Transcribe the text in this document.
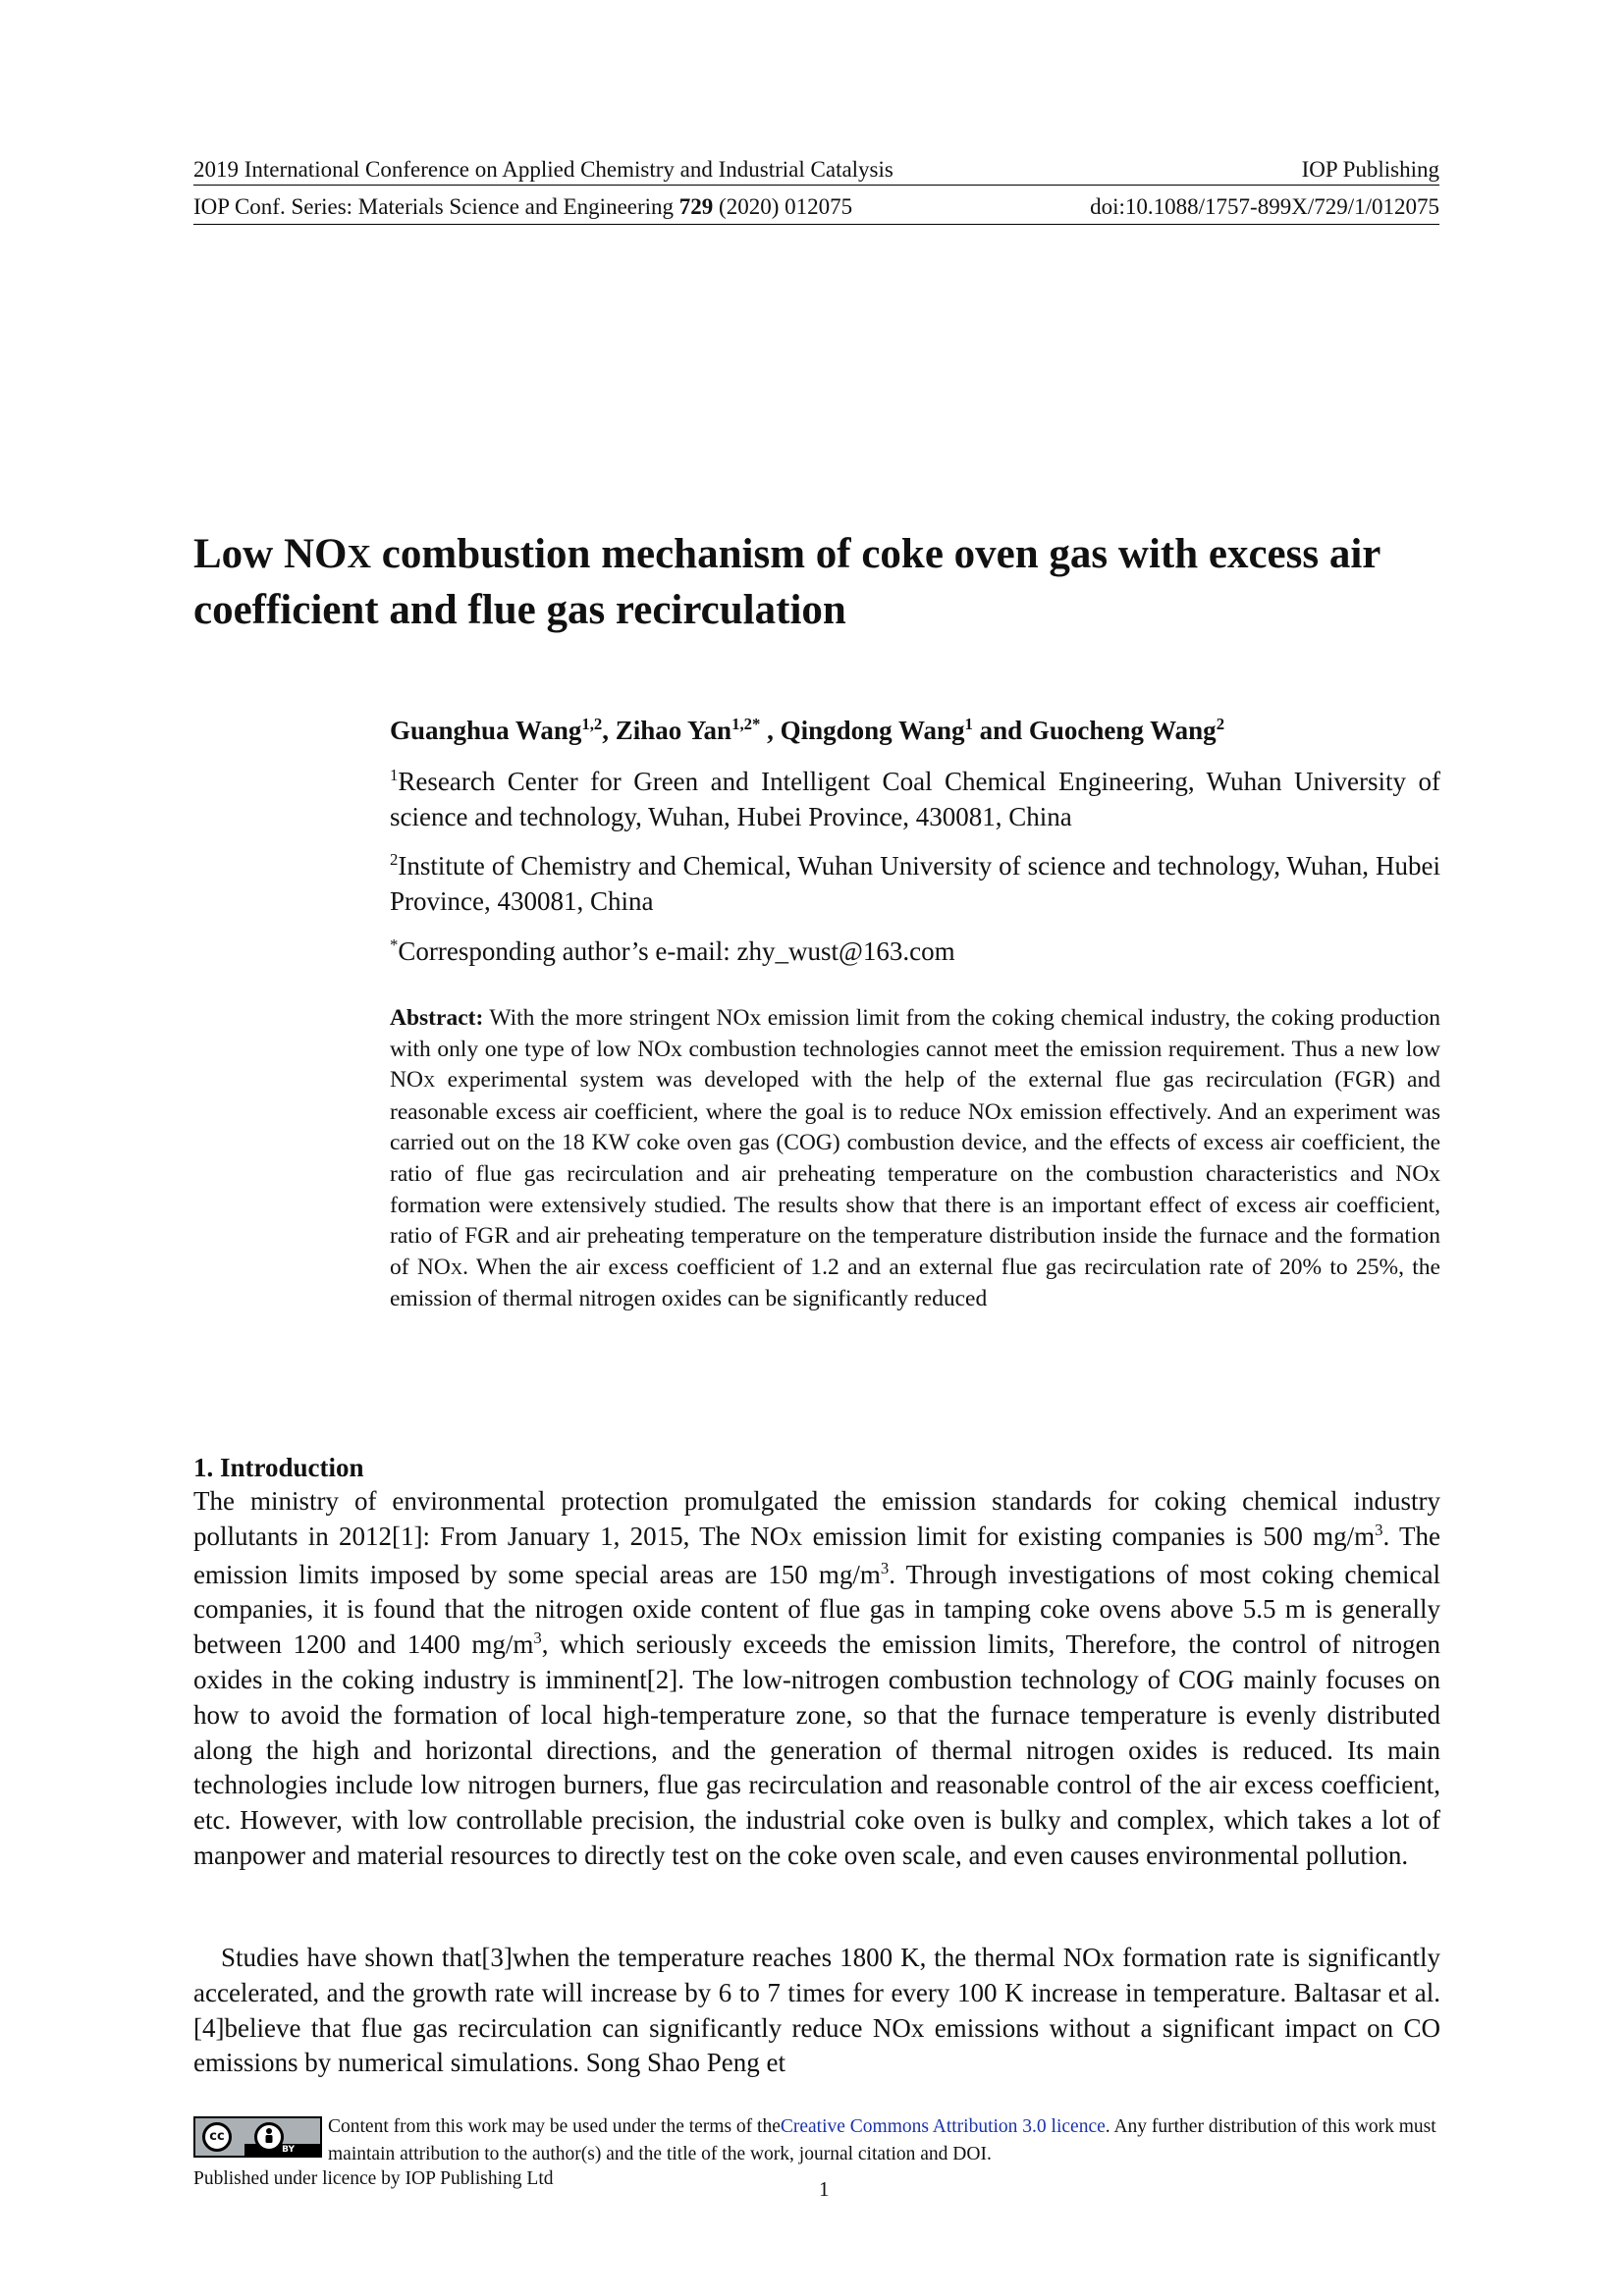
2019 International Conference on Applied Chemistry and Industrial Catalysis	IOP Publishing
IOP Conf. Series: Materials Science and Engineering 729 (2020) 012075	doi:10.1088/1757-899X/729/1/012075
Low NOX combustion mechanism of coke oven gas with excess air coefficient and flue gas recirculation

Guanghua Wang$^{1,2}$, Zihao Yan$^{1,2*}$ , Qingdong Wang$^1$ and Guocheng Wang$^2$

$^1$Research Center for Green and Intelligent Coal Chemical Engineering, Wuhan University of science and technology, Wuhan, Hubei Province, 430081, China

$^2$Institute of Chemistry and Chemical, Wuhan University of science and technology, Wuhan, Hubei Province, 430081, China

*Corresponding author’s e-mail: zhy_wust@163.com

Abstract: With the more stringent NOx emission limit from the coking chemical industry, the coking production with only one type of low NOx combustion technologies cannot meet the emission requirement. Thus a new low NOX experimental system was developed with the help of the external flue gas recirculation (FGR) and reasonable excess air coefficient, where the goal is to reduce NOx emission effectively. And an experiment was carried out on the 18 KW coke oven gas (COG) combustion device, and the effects of excess air coefficient, the ratio of flue gas recirculation and air preheating temperature on the combustion characteristics and NOx formation were extensively studied. The results show that there is an important effect of excess air coefficient, ratio of FGR and air preheating temperature on the temperature distribution inside the furnace and the formation of NOX. When the air excess coefficient of 1.2 and an external flue gas recirculation rate of 20% to 25%, the emission of thermal nitrogen oxides can be significantly reduced

1. Introduction

The ministry of environmental protection promulgated the emission standards for coking chemical industry pollutants in 2012[1]: From January 1, 2015, The NOX emission limit for existing companies is 500 $mg/m^3$. The emission limits imposed by some special areas are 150 $mg/m^3$. Through investigations of most coking chemical companies, it is found that the nitrogen oxide content of flue gas in tamping coke ovens above 5.5 m is generally between 1200 and 1400 $mg/m^3$, which seriously exceeds the emission limits, Therefore, the control of nitrogen oxides in the coking industry is imminent[2]. The low-nitrogen combustion technology of COG mainly focuses on how to avoid the formation of local high-temperature zone, so that the furnace temperature is evenly distributed along the high and horizontal directions, and the generation of thermal nitrogen oxides is reduced. Its main technologies include low nitrogen burners, flue gas recirculation and reasonable control of the air excess coefficient, etc. However, with low controllable precision, the industrial coke oven is bulky and complex, which takes a lot of manpower and material resources to directly test on the coke oven scale, and even causes environmental pollution.

Studies have shown that[3]when the temperature reaches 1800 K, the thermal NOx formation rate is significantly accelerated, and the growth rate will increase by 6 to 7 times for every 100 K increase in temperature. Baltasar et al.[4]believe that flue gas recirculation can significantly reduce NOx emissions without a significant impact on CO emissions by numerical simulations. Song Shao Peng et

cc
BY

Content from this work may be used under the terms of theCreative Commons Attribution 3.0 licence. Any further distribution of this work must maintain attribution to the author(s) and the title of the work, journal citation and DOI.

Published under licence by IOP Publishing Ltd	1
